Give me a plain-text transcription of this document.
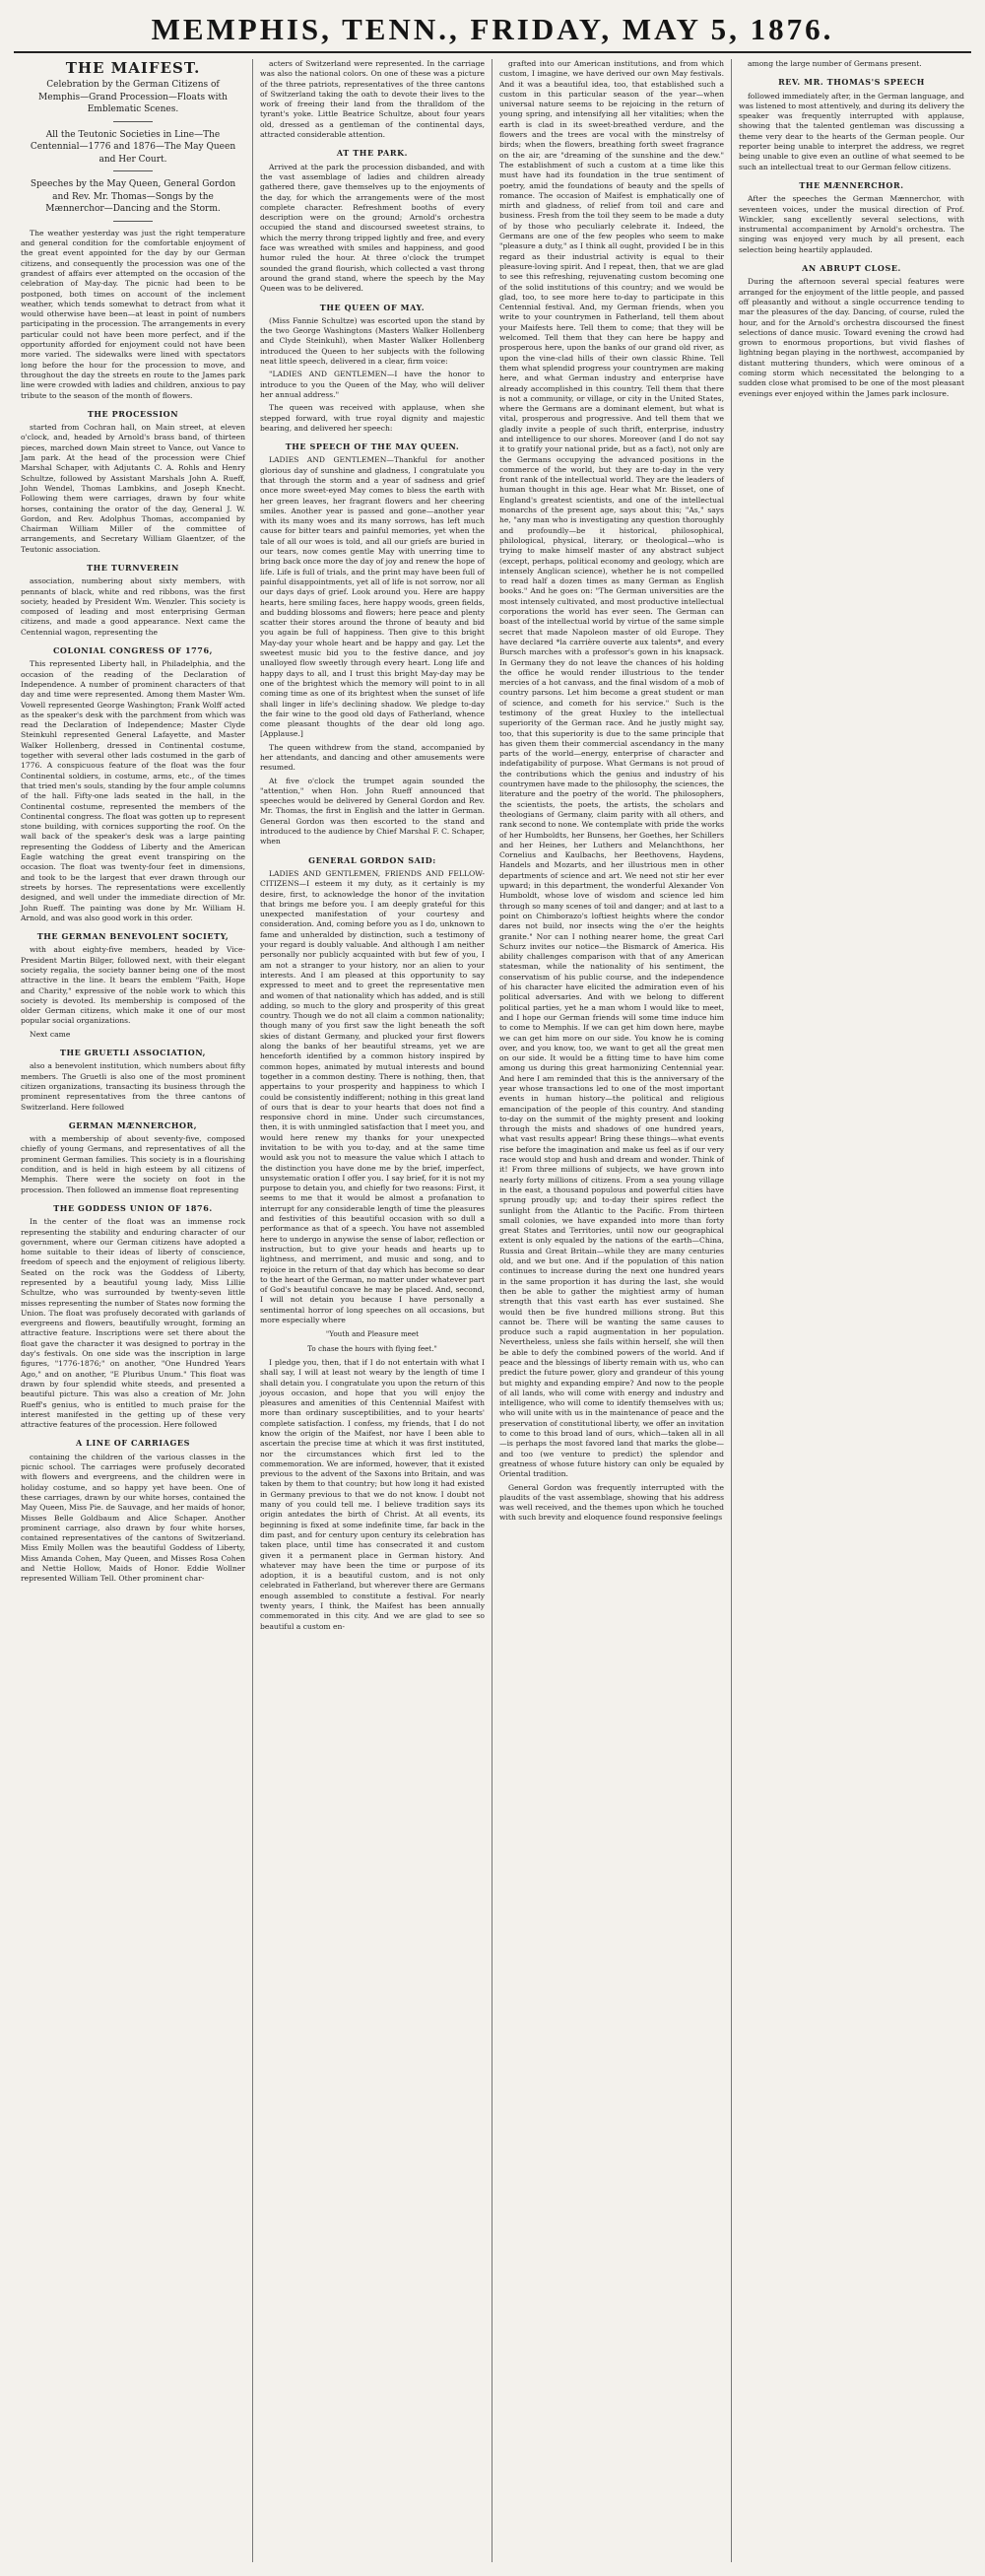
MEMPHIS, TENN., FRIDAY, MAY 5, 1876.
THE MAIFEST.
Celebration by the German Citizens of Memphis—Grand Procession—Floats with Emblematic Scenes.
All the Teutonic Societies in Line—The Centennial—1776 and 1876—The May Queen and Her Court.
Speeches by the May Queen, General Gordon and Rev. Mr. Thomas—Songs by the Mænnerchor—Dancing and the Storm.

The weather yesterday was just the right temperature and general condition for the comfortable enjoyment of the great event appointed for the day by our German citizens, and consequently the procession was one of the grandest of affairs ever attempted on the occasion of the celebration of May-day. The picnic had been to be postponed, both times on account of the inclement weather, which tends somewhat to detract from what it would otherwise have been—at least in point of numbers participating in the procession. The arrangements in every particular could not have been more perfect, and if the opportunity afforded for enjoyment could not have been more varied. The sidewalks were lined with spectators long before the hour for the procession to move, and throughout the day the streets en route to the James park line were crowded with ladies and children, anxious to pay tribute to the season of the month of flowers.

THE PROCESSION

started from Cochran hall, on Main street, at eleven o'clock, and, headed by Arnold's brass band, of thirteen pieces, marched down Main street to Vance, out Vance to Jam park. At the head of the procession were Chief Marshal Schaper, with Adjutants C. A. Rohls and Henry Schultze, followed by Assistant Marshals John A. Rueff, John Wendel, Thomas Lambkins, and Joseph Knecht. Following them were carriages, drawn by four white horses, containing the orator of the day, General J. W. Gordon, and Rev. Adolphus Thomas, accompanied by Chairman William Miller of the committee of arrangements, and Secretary William Glaentzer, of the Teutonic association.

THE TURNVEREIN

association, numbering about sixty members, with pennants of black, white and red ribbons, was the first society, headed by President Wm. Wenzler. This society is composed of leading and most enterprising German citizens, and made a good appearance. Next came the Centennial wagon, representing the

COLONIAL CONGRESS OF 1776,

This represented Liberty hall, in Philadelphia, and the occasion of the reading of the Declaration of Independence. A number of prominent characters of that day and time were represented. Among them Master Wm. Vowell represented George Washington; Frank Wolff acted as the speaker's desk with the parchment from which was read the Declaration of Independence; Master Clyde Steinkuhl represented General Lafayette, and Master Walker Hollenberg, dressed in Continental costume, together with several other lads costumed in the garb of 1776. A conspicuous feature of the float was the four Continental soldiers, in costume, arms, etc., of the times that tried men's souls, standing by the four ample columns of the hall. Fifty-one lads seated in the hall, in the Continental costume, represented the members of the Continental congress. The float was gotten up to represent stone building, with cornices supporting the roof. On the wall back of the speaker's desk was a large painting representing the Goddess of Liberty and the American Eagle watching the great event transpiring on the occasion. The float was twenty-four feet in dimensions, and took to be the largest that ever drawn through our streets by horses. The representations were excellently designed, and well under the immediate direction of Mr. John Rueff. The painting was done by Mr. William H. Arnold, and was also good work in this order.

THE GERMAN BENEVOLENT SOCIETY,

with about eighty-five members, headed by Vice-President Martin Bilger, followed next, with their elegant society regalia, the society banner being one of the most attractive in the line. It bears the emblem "Faith, Hope and Charity," expressive of the noble work to which this society is devoted. Its membership is composed of the older German citizens, which make it one of our most popular social organizations.

Next came

THE GRUETLI ASSOCIATION,

also a benevolent institution, which numbers about fifty members. The Gruetli is also one of the most prominent citizen organizations, transacting its business through the prominent representatives from the three cantons of Switzerland. Here followed

GERMAN MÆNNERCHOR,

with a membership of about seventy-five, composed chiefly of young Germans, and representatives of all the prominent German families. This society is in a flourishing condition, and is held in high esteem by all citizens of Memphis. There were the society on foot in the procession. Then followed an immense float representing

THE GODDESS UNION OF 1876.

In the center of the float was an immense rock representing the stability and enduring character of our government, where our German citizens have adopted a home suitable to their ideas of liberty of conscience, freedom of speech and the enjoyment of religious liberty. Seated on the rock was the Goddess of Liberty, represented by a beautiful young lady, Miss Lillie Schultze, who was surrounded by twenty-seven little misses representing the number of States now forming the Union. The float was profusely decorated with garlands of evergreens and flowers, beautifully wrought, forming an attractive feature. Inscriptions were set there about the float gave the character it was designed to portray in the day's festivals. On one side was the inscription in large figures, "1776-1876;" on another, "One Hundred Years Ago," and on another, "E Pluribus Unum." This float was drawn by four splendid white steeds, and presented a beautiful picture. This was also a creation of Mr. John Rueff's genius, who is entitled to much praise for the interest manifested in the getting up of these very attractive features of the procession. Here followed

A LINE OF CARRIAGES

containing the children of the various classes in the picnic school. The carriages were profusely decorated with flowers and evergreens, and the children were in holiday costume, and so happy yet have been. One of these carriages, drawn by our white horses, contained the May Queen, Miss Pie. de Sauvage, and her maids of honor, Misses Belle Goldbaum and Alice Schaper. Another prominent carriage, also drawn by four white horses, contained representatives of the cantons of Switzerland. Miss Emily Mollen was the beautiful Goddess of Liberty, Miss Amanda Cohen, May Queen, and Misses Rosa Cohen and Nettie Hollow, Maids of Honor. Eddie Wollner represented William Tell. Other prominent char-

acters of Switzerland were represented. In the carriage was also the national colors. On one of these was a picture of the three patriots, representatives of the three cantons of Switzerland taking the oath to devote their lives to the work of freeing their land from the thralldom of the tyrant's yoke. Little Beatrice Schultze, about four years old, dressed as a gentleman of the continental days, attracted considerable attention.

AT THE PARK.

Arrived at the park the procession disbanded, and with the vast assemblage of ladies and children already gathered there, gave themselves up to the enjoyments of the day, for which the arrangements were of the most complete character. Refreshment booths of every description were on the ground; Arnold's orchestra occupied the stand and discoursed sweetest strains, to which the merry throng tripped lightly and free, and every face was wreathed with smiles and happiness, and good humor ruled the hour. At three o'clock the trumpet sounded the grand flourish, which collected a vast throng around the grand stand, where the speech by the May Queen was to be delivered.

THE QUEEN OF MAY.

(Miss Fannie Schultze) was escorted upon the stand by the two George Washingtons (Masters Walker Hollenberg and Clyde Steinkuhl), when Master Walker Hollenberg introduced the Queen to her subjects with the following neat little speech, delivered in a clear, firm voice:

"LADIES AND GENTLEMEN—I have the honor to introduce to you the Queen of the May, who will deliver her annual address."

The queen was received with applause, when she stepped forward, with true royal dignity and majestic bearing, and delivered her speech:

THE SPEECH OF THE MAY QUEEN.

LADIES AND GENTLEMEN—Thankful for another glorious day of sunshine and gladness, I congratulate you that through the storm and a year of sadness and grief once more sweet-eyed May comes to bless the earth with her green leaves, her fragrant flowers and her cheering smiles. Another year is passed and gone—another year with its many woes and its many sorrows, has left much cause for bitter tears and painful memories, yet when the tale of all our woes is told, and all our griefs are buried in our tears, now comes gentle May with unerring time to bring back once more the day of joy and renew the hope of life. Life is full of trials, and the print may have been full of painful disappointments, yet all of life is not sorrow, nor all our days days of grief. Look around you. Here are happy hearts, here smiling faces, here happy woods, green fields, and budding blossoms and flowers; here peace and plenty scatter their stores around the throne of beauty and bid you again be full of happiness. Then give to this bright May-day your whole heart and be happy and gay. Let the sweetest music bid you to the festive dance, and joy unalloyed flow sweetly through every heart. Long life and happy days to all, and I trust this bright May-day may be one of the brightest which the memory will point to in all coming time as one of its brightest when the sunset of life shall linger in life's declining shadow. We pledge to-day the fair wine to the good old days of Fatherland, whence come pleasant thoughts of the dear old long ago. [Applause.]

The queen withdrew from the stand, accompanied by her attendants, and dancing and other amusements were resumed.

At five o'clock the trumpet again sounded the "attention," when Hon. John Rueff announced that speeches would be delivered by General Gordon and Rev. Mr. Thomas, the first in English and the latter in German. General Gordon was then escorted to the stand and introduced to the audience by Chief Marshal F. C. Schaper, when

GENERAL GORDON SAID:

LADIES AND GENTLEMEN, FRIENDS AND FELLOW-CITIZENS—I esteem it my duty, as it certainly is my desire, first, to acknowledge the honor of the invitation that brings me before you. I am deeply grateful for this unexpected manifestation of your courtesy and consideration. And, coming before you as I do, unknown to fame and unheralded by distinction, such a testimony of your regard is doubly valuable. And although I am neither personally nor publicly acquainted with but few of you, I am not a stranger to your history, nor an alien to your interests. And I am pleased at this opportunity to say expressed to meet and to greet the representative men and women of that nationality which has added, and is still adding, so much to the glory and prosperity of this great country. Though we do not all claim a common nationality; though many of you first saw the light beneath the soft skies of distant Germany, and plucked your first flowers along the banks of her beautiful streams, yet we are henceforth identified by a common history inspired by common hopes, animated by mutual interests and bound together in a common destiny. There is nothing, then, that appertains to your prosperity and happiness to which I could be consistently indifferent; nothing in this great land of ours that is dear to your hearts that does not find a responsive chord in mine. Under such circumstances, then, it is with unmingled satisfaction that I meet you, and would here renew my thanks for your unexpected invitation to be with you to-day, and at the same time would ask you not to measure the value which I attach to the distinction you have done me by the brief, imperfect, unsystematic oration I offer you. I say brief, for it is not my purpose to detain you, and chiefly for two reasons: First, it seems to me that it would be almost a profanation to interrupt for any considerable length of time the pleasures and festivities of this beautiful occasion with so dull a performance as that of a speech. You have not assembled here to undergo in anywise the sense of labor, reflection or instruction, but to give your heads and hearts up to lightness, and merriment, and music and song, and to rejoice in the return of that day which has become so dear to the heart of the German, no matter under whatever part of God's beautiful concave he may be placed. And, second, I will not detain you because I have personally a sentimental horror of long speeches on all occasions, but more especially where

"Youth and Pleasure meet
To chase the hours with flying feet."

I pledge you, then, that if I do not entertain with what I shall say, I will at least not weary by the length of time I shall detain you. I congratulate you upon the return of this joyous occasion, and hope that you will enjoy the pleasures and amenities of this Centennial Maifest with more than ordinary susceptibilities, and to your hearts' complete satisfaction. I confess, my friends, that I do not know the origin of the Maifest, nor have I been able to ascertain the precise time at which it was first instituted, nor the circumstances which first led to the commemoration. We are informed, however, that it existed previous to the advent of the Saxons into Britain, and was taken by them to that country; but how long it had existed in Germany previous to that we do not know. I doubt not many of you could tell me. I believe tradition says its origin antedates the birth of Christ. At all events, its beginning is fixed at some indefinite time, far back in the dim past, and for century upon century its celebration has taken place, until time has consecrated it and custom given it a permanent place in German history. And whatever may have been the time or purpose of its adoption, it is a beautiful custom, and is not only celebrated in Fatherland, but wherever there are Germans enough assembled to constitute a festival. For nearly twenty years, I think, the Maifest has been annually commemorated in this city. And we are glad to see so beautiful a custom en-

grafted into our American institutions, and from which custom, I imagine, we have derived our own May festivals. And it was a beautiful idea, too, that established such a custom in this particular season of the year—when universal nature seems to be rejoicing in the return of young spring, and intensifying all her vitalities; when the earth is clad in its sweet-breathed verdure, and the flowers and the trees are vocal with the minstrelsy of birds; when the flowers, breathing forth sweet fragrance on the air, are "dreaming of the sunshine and the dew." The establishment of such a custom at a time like this must have had its foundation in the true sentiment of poetry, amid the foundations of beauty and the spells of romance. The occasion of Maifest is emphatically one of mirth and gladness, of relief from toil and care and business. Fresh from the toil they seem to be made a duty of by those who peculiarly celebrate it. Indeed, the Germans are one of the few peoples who seem to make "pleasure a duty," as I think all ought, provided I be in this regard as their industrial activity is equal to their pleasure-loving spirit. And I repeat, then, that we are glad to see this refreshing, rejuvenating custom becoming one of the solid institutions of this country; and we would be glad, too, to see more here to-day to participate in this Centennial festival. And, my German friends, when you write to your countrymen in Fatherland, tell them about your Maifests here. Tell them to come; that they will be welcomed. Tell them that they can here be happy and prosperous here, upon the banks of our grand old river, as upon the vine-clad hills of their own classic Rhine. Tell them what splendid progress your countrymen are making here, and what German industry and enterprise have already accomplished in this country. Tell them that there is not a community, or village, or city in the United States, where the Germans are a dominant element, but what is vital, prosperous and progressive. And tell them that we gladly invite a people of such thrift, enterprise, industry and intelligence to our shores. Moreover (and I do not say it to gratify your national pride, but as a fact), not only are the Germans occupying the advanced positions in the commerce of the world, but they are to-day in the very front rank of the intellectual world. They are the leaders of human thought in this age. Hear what Mr. Bisset, one of England's greatest scientists, and one of the intellectual monarchs of the present age, says about this; "As," says he, "any man who is investigating any question thoroughly and profoundly—be it historical, philosophical, philological, physical, literary, or theological—who is trying to make himself master of any abstract subject (except, perhaps, political economy and geology, which are intensely Anglican science), whether he is not compelled to read half a dozen times as many German as English books." And he goes on: "The German universities are the most intensely cultivated, and most productive intellectual corporations the world has ever seen. The German can boast of the intellectual world by virtue of the same simple secret that made Napoleon master of old Europe. They have declared *la carrière ouverte aux talents*, and every Bursch marches with a professor's gown in his knapsack. In Germany they do not leave the chances of his holding the office he would render illustrious to the tender mercies of a hot canvass, and the final wisdom of a mob of country parsons. Let him become a great student or man of science, and cometh for his service." Such is the testimony of the great Huxley to the intellectual superiority of the German race. And he justly might say, too, that this superiority is due to the same principle that has given them their commercial ascendancy in the many parts of the world—energy, enterprise of character and indefatigability of purpose. What Germans is not proud of the contributions which the genius and industry of his countrymen have made to the philosophy, the sciences, the literature and the poetry of the world. The philosophers, the scientists, the poets, the artists, the scholars and theologians of Germany, claim parity with all others, and rank second to none. We contemplate with pride the works of her Humboldts, her Bunsens, her Goethes, her Schillers and her Heines, her Luthers and Melanchthons, her Cornelius and Kaulbachs, her Beethovens, Haydens, Handels and Mozarts, and her illustrious men in other departments of science and art. We need not stir her ever upward; in this department, the wonderful Alexander Von Humboldt, whose love of wisdom and science led him through so many scenes of toil and danger; and at last to a point on Chimborazo's loftiest heights where the condor dares not build, nor insects wing the o'er the heights granite." Nor can I nothing nearer home, the great Carl Schurz invites our notice—the Bismarck of America. His ability challenges comparison with that of any American statesman, while the nationality of his sentiment, the conservatism of his public course, and the independence of his character have elicited the admiration even of his political adversaries. And with we belong to different political parties, yet he a man whom I would like to meet, and I hope our German friends will some time induce him to come to Memphis. If we can get him down here, maybe we can get him more on our side. You know he is coming over, and you know, too, we want to get all the great men on our side. It would be a fitting time to have him come among us during this great harmonizing Centennial year. And here I am reminded that this is the anniversary of the year whose transactions led to one of the most important events in human history—the political and religious emancipation of the people of this country. And standing to-day on the summit of the mighty present and looking through the mists and shadows of one hundred years, what vast results appear! Bring these things—what events rise before the imagination and make us feel as if our very race would stop and hush and dream and wonder. Think of it! From three millions of subjects, we have grown into nearly forty millions of citizens. From a sea young village in the east, a thousand populous and powerful cities have sprung proudly up; and to-day their spires reflect the sunlight from the Atlantic to the Pacific. From thirteen small colonies, we have expanded into more than forty great States and Territories, until now our geographical extent is only equaled by the nations of the earth—China, Russia and Great Britain—while they are many centuries old, and we but one. And if the population of this nation continues to increase during the next one hundred years in the same proportion it has during the last, she would then be able to gather the mightiest army of human strength that this vast earth has ever sustained. She would then be five hundred millions strong. But this cannot be. There will be wanting the same causes to produce such a rapid augmentation in her population. Nevertheless, unless she fails within herself, she will then be able to defy the combined powers of the world. And if peace and the blessings of liberty remain with us, who can predict the future power, glory and grandeur of this young but mighty and expanding empire? And now to the people of all lands, who will come with energy and industry and intelligence, who will come to identify themselves with us; who will unite with us in the maintenance of peace and the preservation of constitutional liberty, we offer an invitation to come to this broad land of ours, which—taken all in all—is perhaps the most favored land that marks the globe—and too (we venture to predict) the splendor and greatness of whose future history can only be equaled by Oriental tradition.

General Gordon was frequently interrupted with the plaudits of the vast assemblage, showing that his address was well received, and the themes upon which he touched with such brevity and eloquence found responsive feelings

among the large number of Germans present.

REV. MR. THOMAS'S SPEECH

followed immediately after, in the German language, and was listened to most attentively, and during its delivery the speaker was frequently interrupted with applause, showing that the talented gentleman was discussing a theme very dear to the hearts of the German people. Our reporter being unable to interpret the address, we regret being unable to give even an outline of what seemed to be such an intellectual treat to our German fellow citizens.

THE MÆNNERCHOR.

After the speeches the German Mænnerchor, with seventeen voices, under the musical direction of Prof. Winckler, sang excellently several selections, with instrumental accompaniment by Arnold's orchestra. The singing was enjoyed very much by all present, each selection being heartily applauded.

AN ABRUPT CLOSE.

During the afternoon several special features were arranged for the enjoyment of the little people, and passed off pleasantly and without a single occurrence tending to mar the pleasures of the day. Dancing, of course, ruled the hour, and for the Arnold's orchestra discoursed the finest selections of dance music. Toward evening the crowd had grown to enormous proportions, but vivid flashes of lightning began playing in the northwest, accompanied by distant muttering thunders, which were ominous of a coming storm which necessitated the belonging to a sudden close what promised to be one of the most pleasant evenings ever enjoyed within the James park inclosure.
